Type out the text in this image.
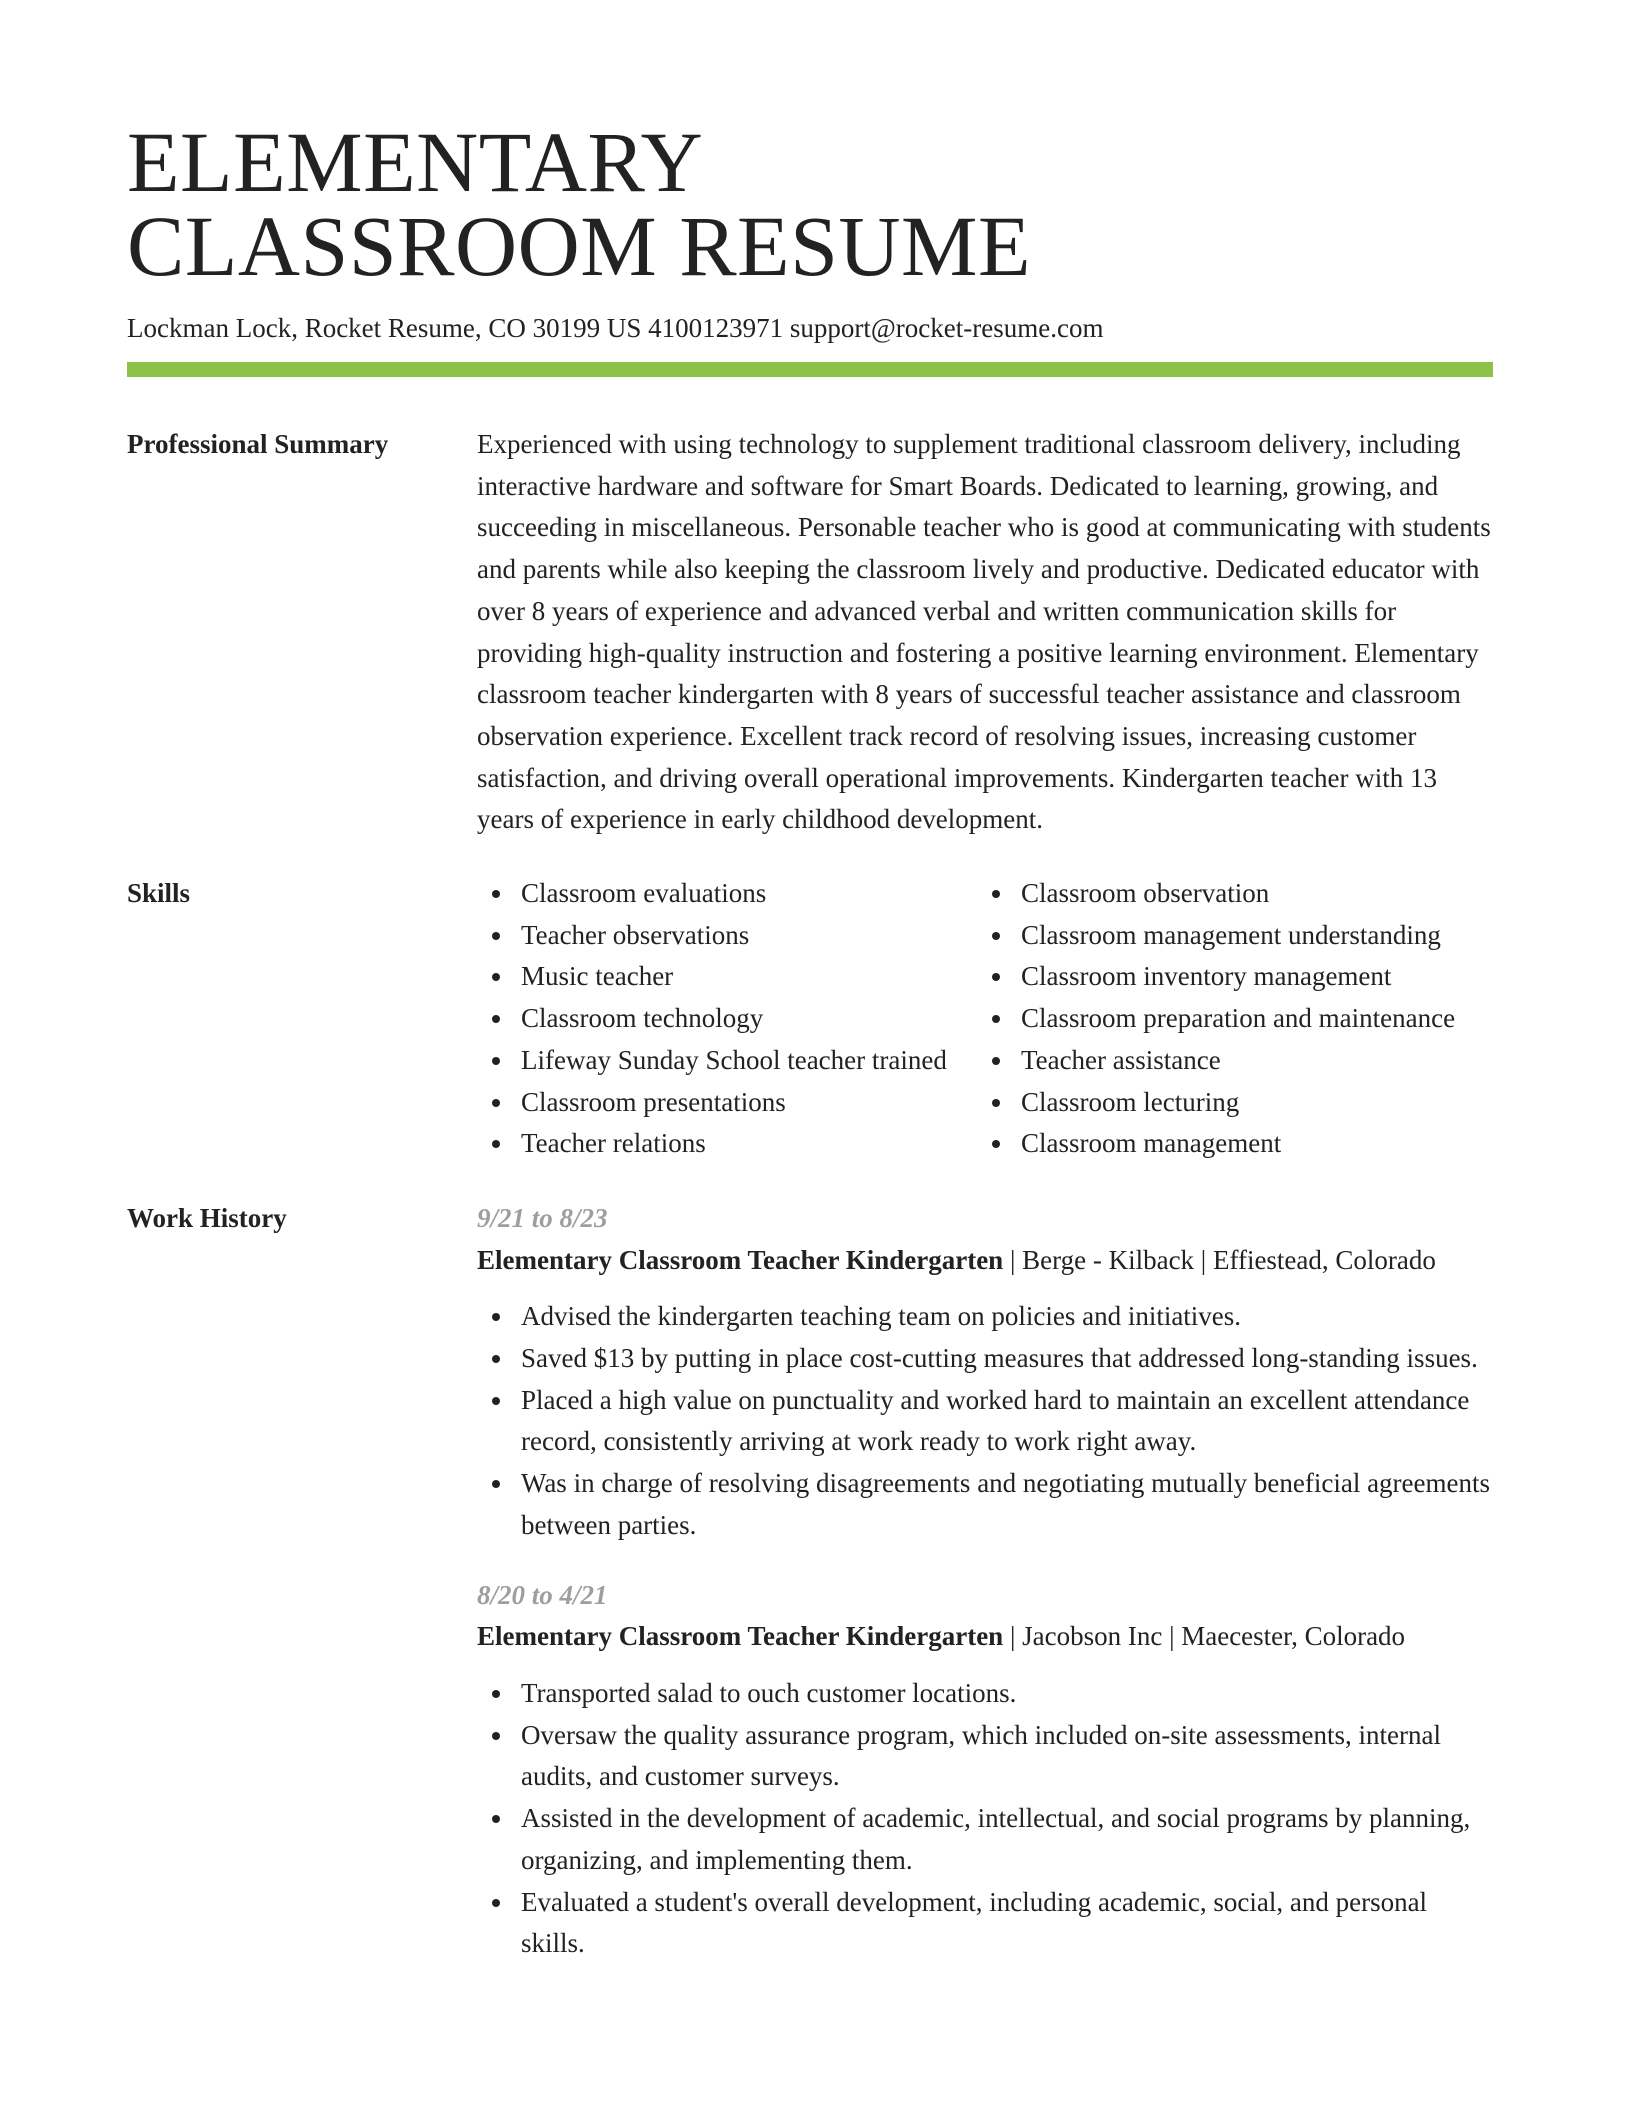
ELEMENTARY
CLASSROOM RESUME
Lockman Lock, Rocket Resume, CO 30199 US 4100123971 support@rocket-resume.com
Professional Summary	Experienced with using technology to supplement traditional classroom delivery, including interactive hardware and software for Smart Boards. Dedicated to learning, growing, and succeeding in miscellaneous. Personable teacher who is good at communicating with students and parents while also keeping the classroom lively and productive. Dedicated educator with over 8 years of experience and advanced verbal and written communication skills for providing high-quality instruction and fostering a positive learning environment. Elementary classroom teacher kindergarten with 8 years of successful teacher assistance and classroom observation experience. Excellent track record of resolving issues, increasing customer satisfaction, and driving overall operational improvements. Kindergarten teacher with 13 years of experience in early childhood development.

Skills	Classroom evaluations
Teacher observations
Music teacher
Classroom technology
Lifeway Sunday School teacher trained
Classroom presentations
Teacher relations
Classroom observation
Classroom management understanding
Classroom inventory management
Classroom preparation and maintenance
Teacher assistance
Classroom lecturing
Classroom management
Work History	9/21 to 8/23
Elementary Classroom Teacher Kindergarten | Berge - Kilback | Effiestead, Colorado
Advised the kindergarten teaching team on policies and initiatives.
Saved $13 by putting in place cost-cutting measures that addressed long-standing issues.
Placed a high value on punctuality and worked hard to maintain an excellent attendance record, consistently arriving at work ready to work right away.
Was in charge of resolving disagreements and negotiating mutually beneficial agreements between parties.
8/20 to 4/21
Elementary Classroom Teacher Kindergarten | Jacobson Inc | Maecester, Colorado
Transported salad to ouch customer locations.
Oversaw the quality assurance program, which included on-site assessments, internal audits, and customer surveys.
Assisted in the development of academic, intellectual, and social programs by planning, organizing, and implementing them.
Evaluated a student's overall development, including academic, social, and personal skills.
